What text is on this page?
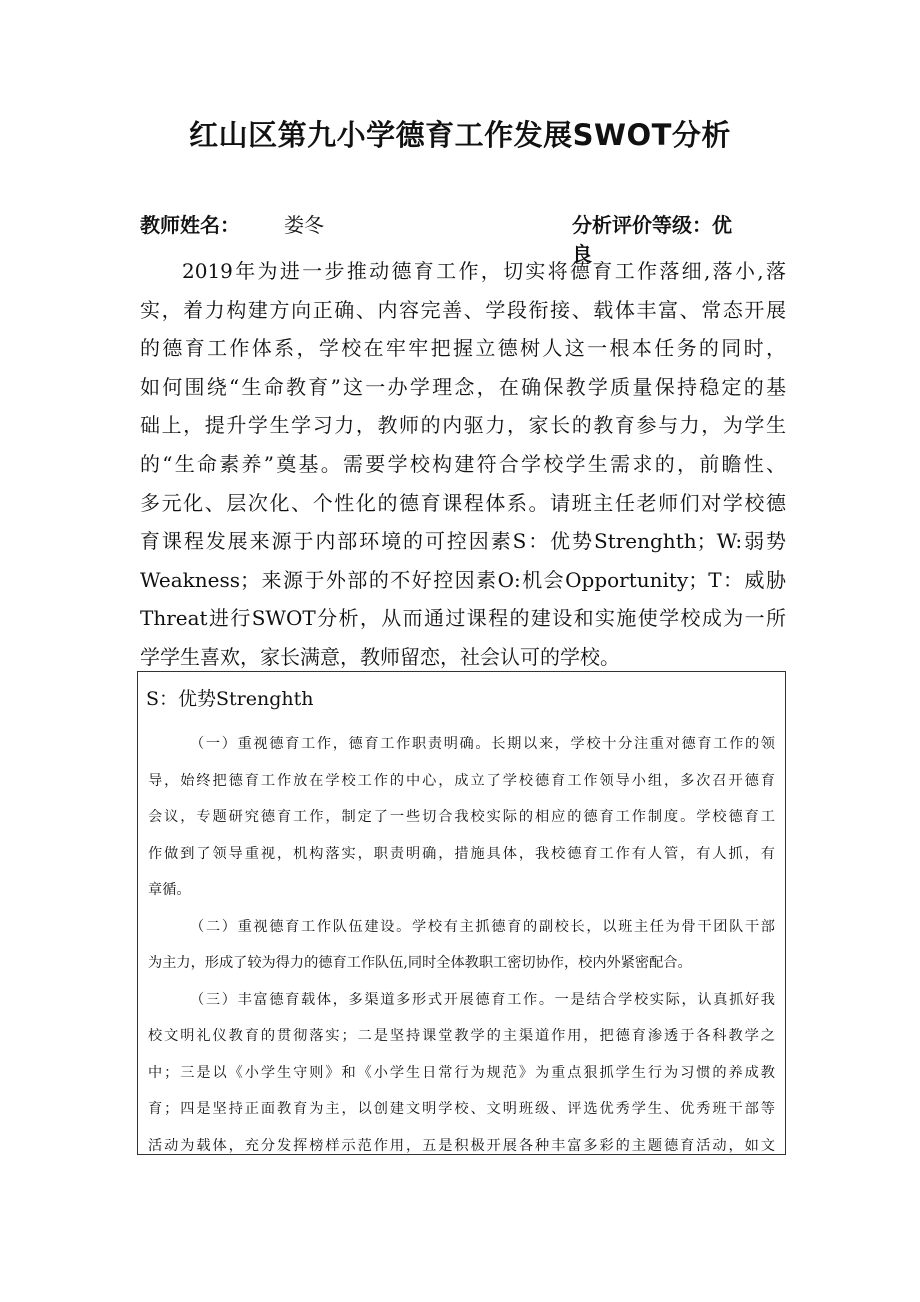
红山区第九小学德育工作发展SWOT分析
教师姓名： 娄冬	分析评价等级：优良
2019年为进一步推动德育工作，切实将德育工作落细,落小,落
实，着力构建方向正确、内容完善、学段衔接、载体丰富、常态开展
的德育工作体系，学校在牢牢把握立德树人这一根本任务的同时，
如何围绕“生命教育”这一办学理念，在确保教学质量保持稳定的基
础上，提升学生学习力，教师的内驱力，家长的教育参与力，为学生
的“生命素养”奠基。需要学校构建符合学校学生需求的，前瞻性、
多元化、层次化、个性化的德育课程体系。请班主任老师们对学校德
育课程发展来源于内部环境的可控因素S：优势Strenghth；W:弱势
Weakness；来源于外部的不好控因素O:机会Opportunity；T：威胁
Threat进行SWOT分析，从而通过课程的建设和实施使学校成为一所
学学生喜欢，家长满意，教师留恋，社会认可的学校。
S：优势Strenghth
（一）重视德育工作，德育工作职责明确。长期以来，学校十分注重对德育工作的领
导，始终把德育工作放在学校工作的中心，成立了学校德育工作领导小组，多次召开德育
会议，专题研究德育工作，制定了一些切合我校实际的相应的德育工作制度。学校德育工
作做到了领导重视，机构落实，职责明确，措施具体，我校德育工作有人管，有人抓，有
章循。
（二）重视德育工作队伍建设。学校有主抓德育的副校长，以班主任为骨干团队干部
为主力，形成了较为得力的德育工作队伍,同时全体教职工密切协作，校内外紧密配合。
（三）丰富德育载体，多渠道多形式开展德育工作。一是结合学校实际，认真抓好我
校文明礼仪教育的贯彻落实；二是坚持课堂教学的主渠道作用，把德育渗透于各科教学之
中；三是以《小学生守则》和《小学生日常行为规范》为重点狠抓学生行为习惯的养成教
育；四是坚持正面教育为主，以创建文明学校、文明班级、评选优秀学生、优秀班干部等
活动为载体，充分发挥榜样示范作用，五是积极开展各种丰富多彩的主题德育活动，如文
